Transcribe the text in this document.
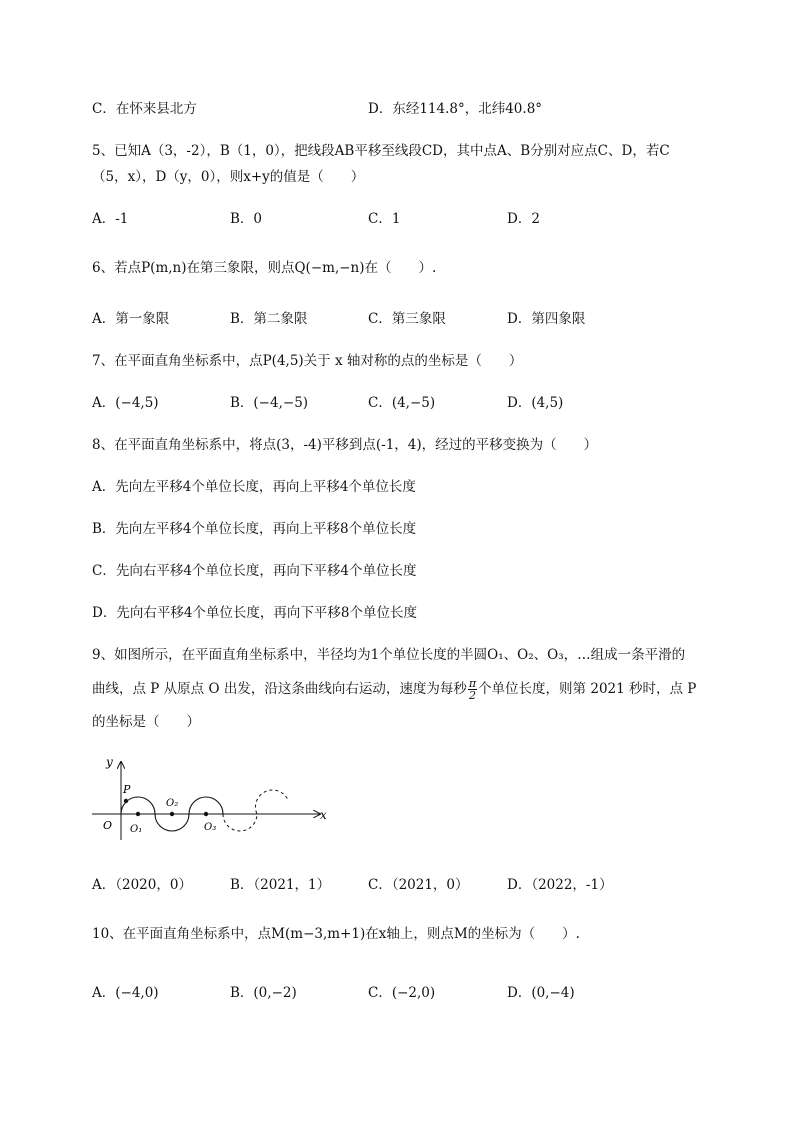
C．在怀来县北方	D．东经114.8°，北纬40.8°
5、已知A（3，-2），B（1，0），把线段AB平移至线段CD，其中点A、B分别对应点C、D，若C
（5，x），D（y，0），则x+y的值是（　　）
A．-1	B．0	C．1	D．2
6、若点P(m,n)在第三象限，则点Q(−m,−n)在（　　）.
A．第一象限	B．第二象限	C．第三象限	D．第四象限
7、在平面直角坐标系中，点P(4,5)关于 x 轴对称的点的坐标是（　　）
A．(−4,5)	B．(−4,−5)	C．(4,−5)	D．(4,5)
8、在平面直角坐标系中，将点(3，-4)平移到点(-1，4)，经过的平移变换为（　　）
A．先向左平移4个单位长度，再向上平移4个单位长度
B．先向左平移4个单位长度，再向上平移8个单位长度
C．先向右平移4个单位长度，再向下平移4个单位长度
D．先向右平移4个单位长度，再向下平移8个单位长度
9、如图所示，在平面直角坐标系中，半径均为1个单位长度的半圆O₁、O₂、O₃，…组成一条平滑的
曲线，点 P 从原点 O 出发，沿这条曲线向右运动，速度为每秒 $\frac{\pi}{2}$ 个单位长度，则第 2021 秒时，点 P
的坐标是（　　）
y
x
P
O O₁
O₂
O₃
A．（2020，0）	B．（2021，1）	C．（2021，0）	D．（2022，-1）
10、在平面直角坐标系中，点M(m−3,m+1)在x轴上，则点M的坐标为（　　）.
A．(−4,0)	B．(0,−2)	C．(−2,0)	D．(0,−4)
